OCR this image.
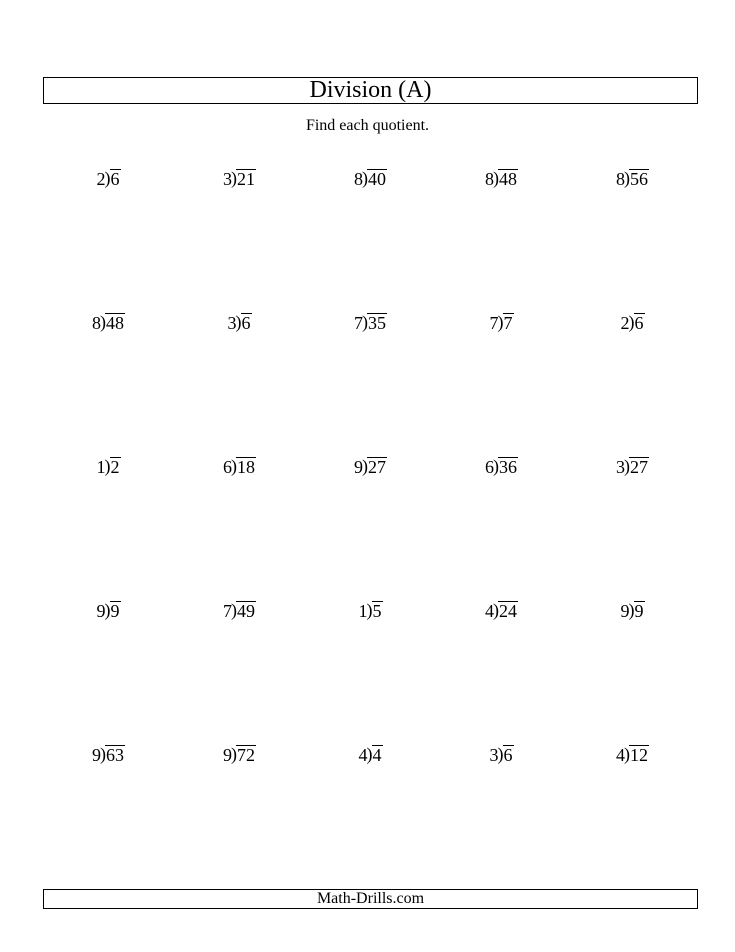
Division (A)
Find each quotient.
2)6	3)21	8)40	8)48	8)56
8)48	3)6	7)35	7)7	2)6
1)2	6)18	9)27	6)36	3)27
9)9	7)49	1)5	4)24	9)9
9)63	9)72	4)4	3)6	4)12
Math-Drills.com
